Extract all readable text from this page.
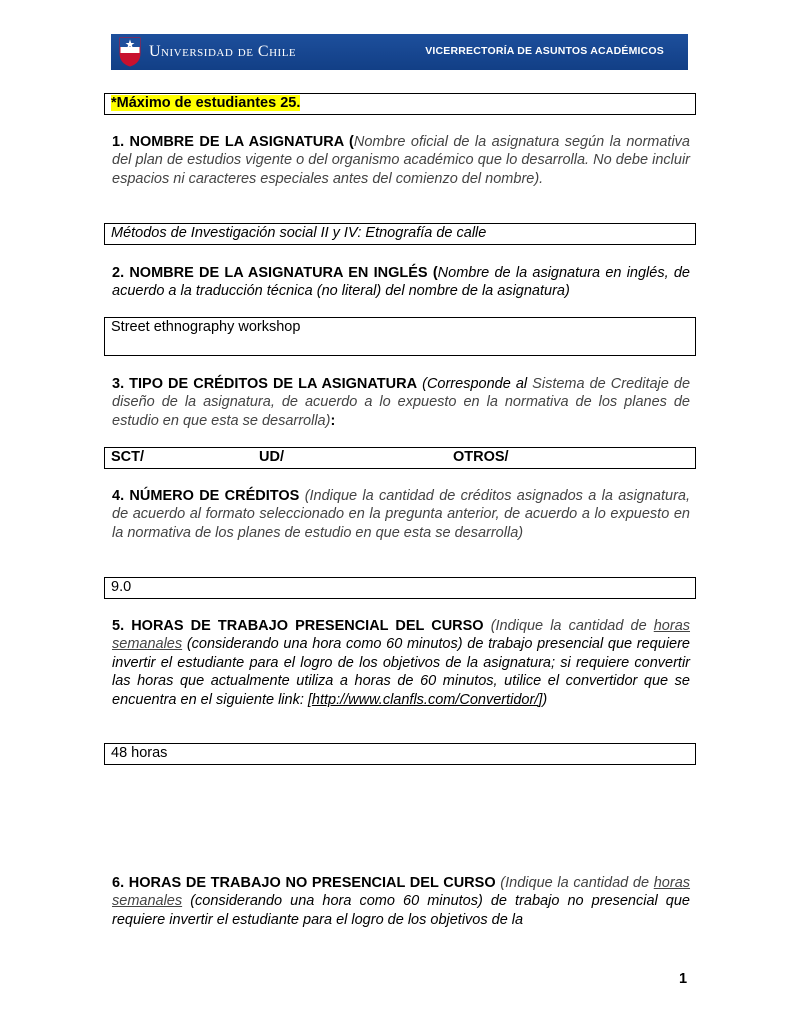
Universidad de Chile	VICERRECTORÍA DE ASUNTOS ACADÉMICOS
*Máximo de estudiantes 25.
1. NOMBRE DE LA ASIGNATURA (Nombre oficial de la asignatura según la normativa del plan de estudios vigente o del organismo académico que lo desarrolla. No debe incluir espacios ni caracteres especiales antes del comienzo del nombre).
Métodos de Investigación social II y IV: Etnografía de calle
2. NOMBRE DE LA ASIGNATURA EN INGLÉS (Nombre de la asignatura en inglés, de acuerdo a la traducción técnica (no literal) del nombre de la asignatura)
Street ethnography workshop
3. TIPO DE CRÉDITOS DE LA ASIGNATURA (Corresponde al Sistema de Creditaje de diseño de la asignatura, de acuerdo a lo expuesto en la normativa de los planes de estudio en que esta se desarrolla):
SCT/	UD/	OTROS/
4. NÚMERO DE CRÉDITOS (Indique la cantidad de créditos asignados a la asignatura, de acuerdo al formato seleccionado en la pregunta anterior, de acuerdo a lo expuesto en la normativa de los planes de estudio en que esta se desarrolla)
9.0
5. HORAS DE TRABAJO PRESENCIAL DEL CURSO (Indique la cantidad de horas semanales (considerando una hora como 60 minutos) de trabajo presencial que requiere invertir el estudiante para el logro de los objetivos de la asignatura; si requiere convertir las horas que actualmente utiliza a horas de 60 minutos, utilice el convertidor que se encuentra en el siguiente link: [http://www.clanfls.com/Convertidor/])
48 horas
6. HORAS DE TRABAJO NO PRESENCIAL DEL CURSO (Indique la cantidad de horas semanales (considerando una hora como 60 minutos) de trabajo no presencial que requiere invertir el estudiante para el logro de los objetivos de la
1
